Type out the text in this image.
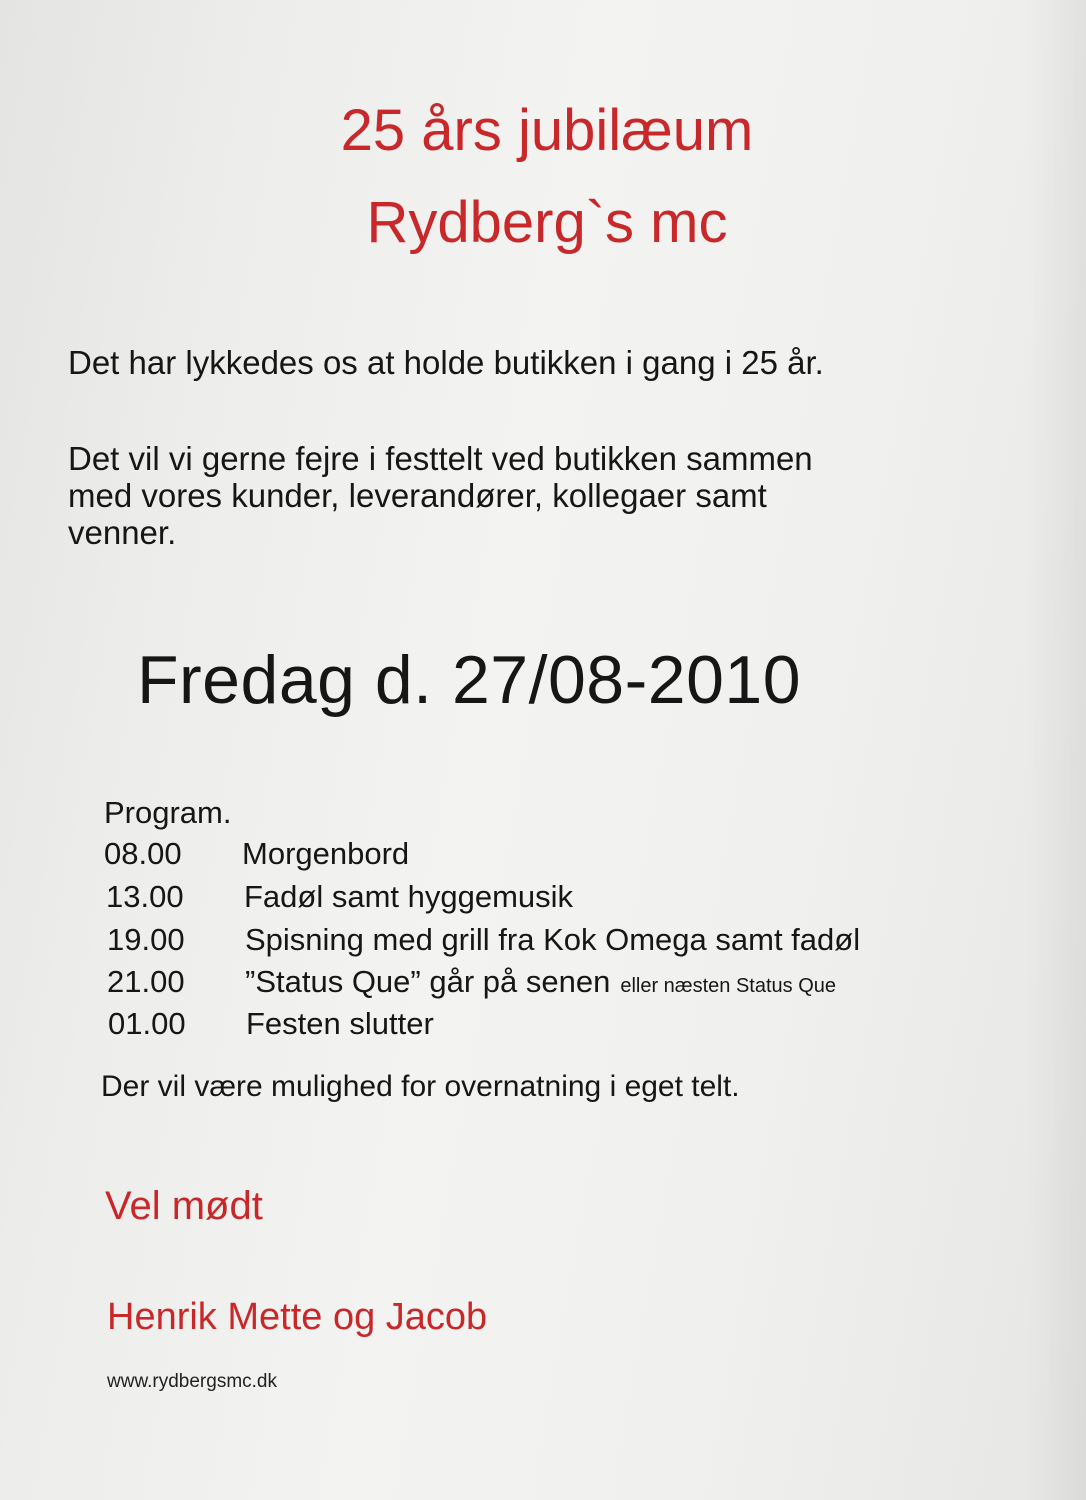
25 års jubilæum
Rydberg`s mc

Det har lykkedes os at holde butikken i gang i 25 år.

Det vil vi gerne fejre i festtelt ved butikken sammen
med vores kunder, leverandører, kollegaer samt
venner.
Fredag d. 27/08-2010
Program.
08.00 Morgenbord
13.00 Fadøl samt hyggemusik
19.00 Spisning med grill fra Kok Omega samt fadøl
21.00 ”Status Que” går på senen eller næsten Status Que
01.00 Festen slutter
Der vil være mulighed for overnatning i eget telt.
Vel mødt
Henrik Mette og Jacob
www.rydbergsmc.dk
